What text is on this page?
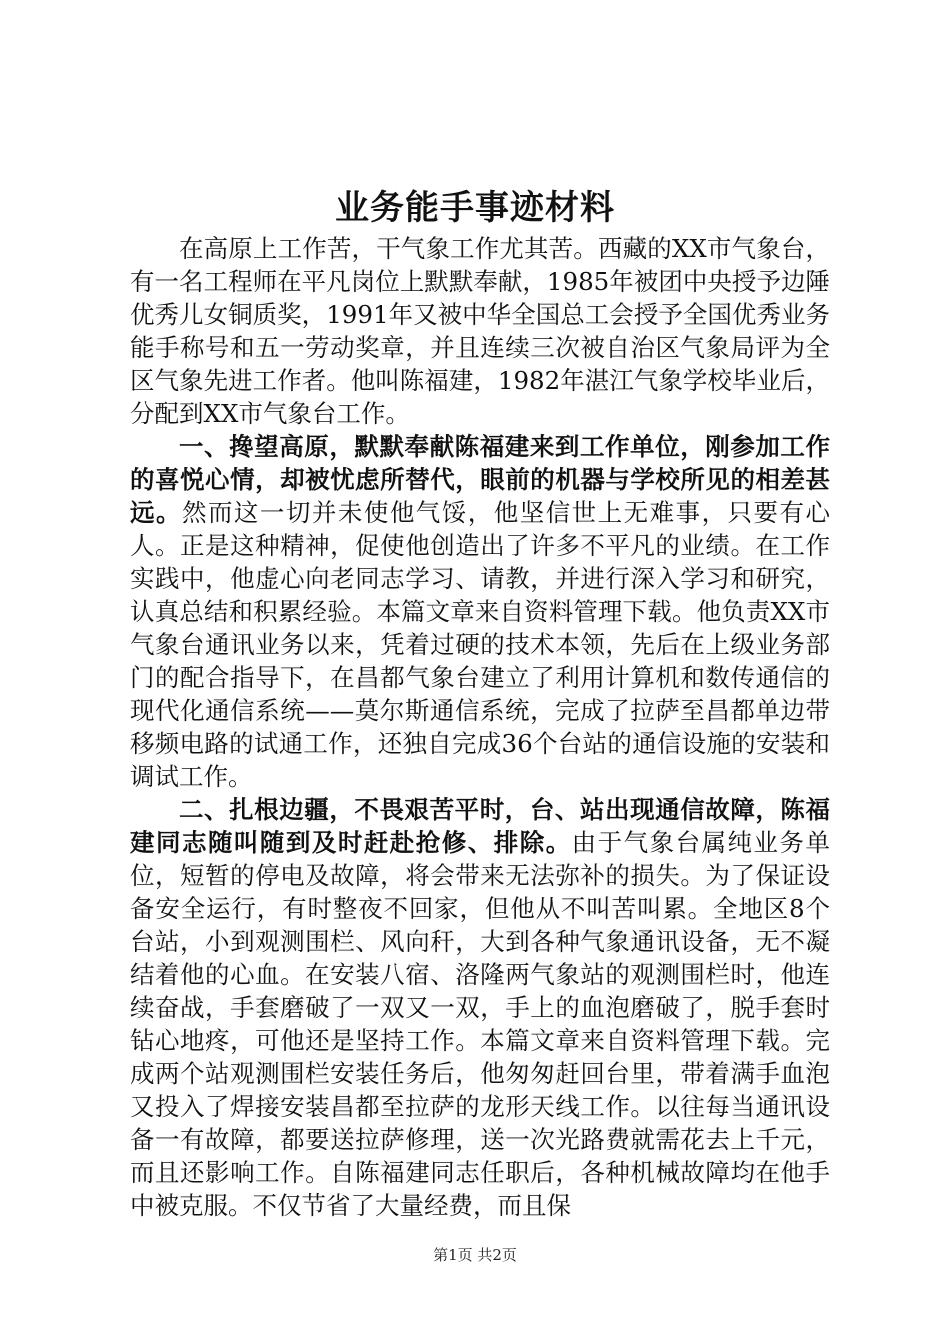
业务能手事迹材料

在高原上工作苦，干气象工作尤其苦。西藏的XX市气象台，有一名工程师在平凡岗位上默默奉献，1985年被团中央授予边陲优秀儿女铜质奖，1991年又被中华全国总工会授予全国优秀业务能手称号和五一劳动奖章，并且连续三次被自治区气象局评为全区气象先进工作者。他叫陈福建，1982年湛江气象学校毕业后，分配到XX市气象台工作。

一、搀望高原，默默奉献陈福建来到工作单位，刚参加工作的喜悦心情，却被忧虑所替代，眼前的机器与学校所见的相差甚远。然而这一切并未使他气馁，他坚信世上无难事，只要有心人。正是这种精神，促使他创造出了许多不平凡的业绩。在工作实践中，他虚心向老同志学习、请教，并进行深入学习和研究，认真总结和积累经验。本篇文章来自资料管理下载。他负责XX市气象台通讯业务以来，凭着过硬的技术本领，先后在上级业务部门的配合指导下，在昌都气象台建立了利用计算机和数传通信的现代化通信系统——莫尔斯通信系统，完成了拉萨至昌都单边带移频电路的试通工作，还独自完成36个台站的通信设施的安装和调试工作。

二、扎根边疆，不畏艰苦平时，台、站出现通信故障，陈福建同志随叫随到及时赶赴抢修、排除。由于气象台属纯业务单位，短暂的停电及故障，将会带来无法弥补的损失。为了保证设备安全运行，有时整夜不回家，但他从不叫苦叫累。全地区8个台站，小到观测围栏、风向秆，大到各种气象通讯设备，无不凝结着他的心血。在安装八宿、洛隆两气象站的观测围栏时，他连续奋战，手套磨破了一双又一双，手上的血泡磨破了，脱手套时钻心地疼，可他还是坚持工作。本篇文章来自资料管理下载。完成两个站观测围栏安装任务后，他匆匆赶回台里，带着满手血泡又投入了焊接安装昌都至拉萨的龙形天线工作。以往每当通讯设备一有故障，都要送拉萨修理，送一次光路费就需花去上千元，而且还影响工作。自陈福建同志任职后，各种机械故障均在他手中被克服。不仅节省了大量经费，而且保

第1页 共2页
